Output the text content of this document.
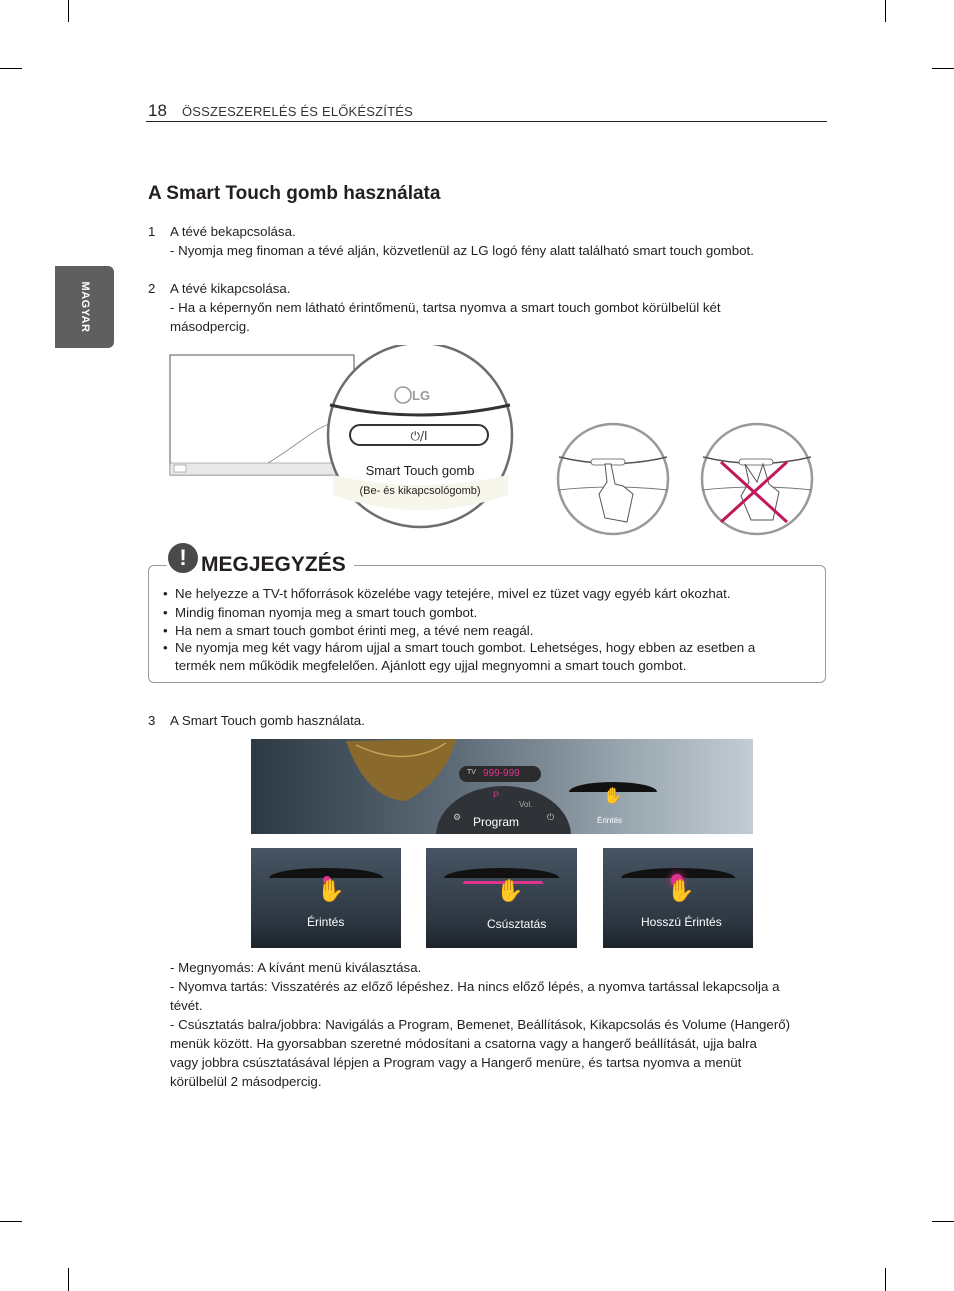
18 ÖSSZESZERELÉS ÉS ELŐKÉSZÍTÉS
MAGYAR
A Smart Touch gomb használata
1 A tévé bekapcsolása.
- Nyomja meg finoman a tévé alján, közvetlenül az LG logó fény alatt található smart touch gombot.
2 A tévé kikapcsolása.
- Ha a képernyőn nem látható érintőmenü, tartsa nyomva a smart touch gombot körülbelül két
másodpercig.
LG
⏻/I
Smart Touch gomb
(Be- és kikapcsológomb)
! MEGJEGYZÉS
• Ne helyezze a TV-t hőforrások közelébe vagy tetejére, mivel ez tüzet vagy egyéb kárt okozhat.
• Mindig finoman nyomja meg a smart touch gombot.
• Ha nem a smart touch gombot érinti meg, a tévé nem reagál.
• Ne nyomja meg két vagy három ujjal a smart touch gombot. Lehetséges, hogy ebben az esetben a
termék nem működik megfelelően. Ajánlott egy ujjal megnyomni a smart touch gombot.
3 A Smart Touch gomb használata.
TV 999-999
P
Vol.
⚙	⏻
Program
✋
Érintés
✋
Érintés
←	→
✋
Csúsztatás
✋
Hosszú Érintés
- Megnyomás: A kívánt menü kiválasztása.
- Nyomva tartás: Visszatérés az előző lépéshez. Ha nincs előző lépés, a nyomva tartással lekapcsolja a
tévét.
- Csúsztatás balra/jobbra: Navigálás a Program, Bemenet, Beállítások, Kikapcsolás és Volume (Hangerő)
menük között. Ha gyorsabban szeretné módosítani a csatorna vagy a hangerő beállítását, ujja balra
vagy jobbra csúsztatásával lépjen a Program vagy a Hangerő menüre, és tartsa nyomva a menüt
körülbelül 2 másodpercig.
